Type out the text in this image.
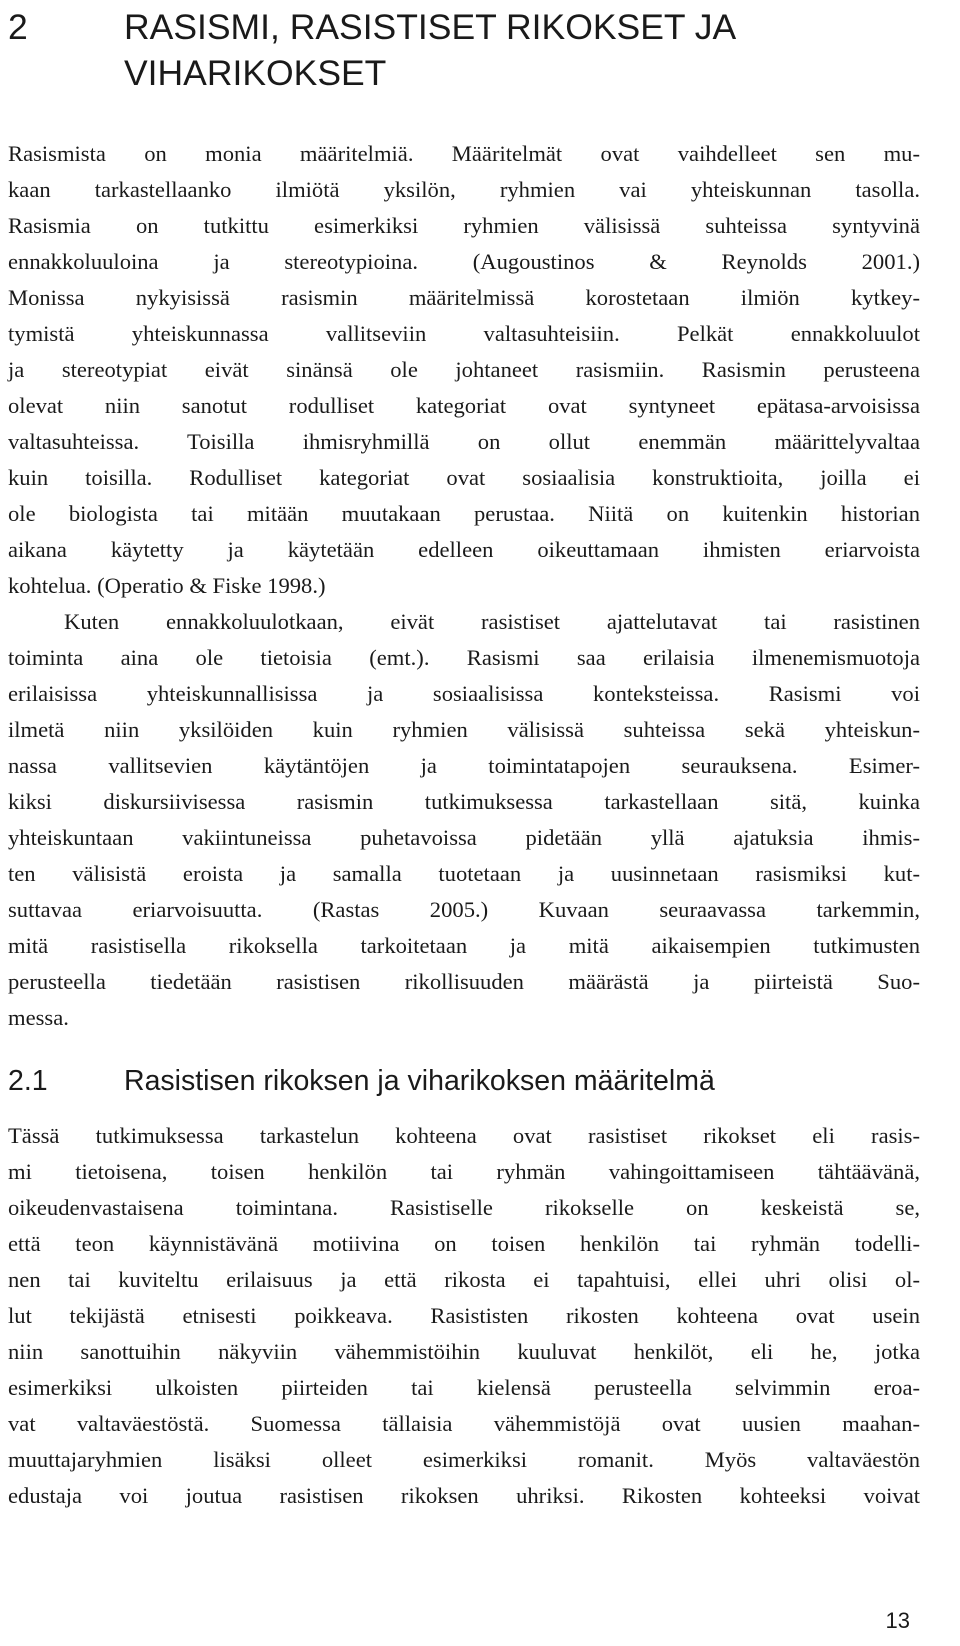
2	RASISMI, RASISTISET RIKOKSET JA VIHARIKOKSET
Rasismista on monia määritelmiä. Määritelmät ovat vaihdelleet sen mu-
kaan tarkastellaanko ilmiötä yksilön, ryhmien vai yhteiskunnan tasolla.
Rasismia on tutkittu esimerkiksi ryhmien välisissä suhteissa syntyvinä
ennakkoluuloina ja stereotypioina. (Augoustinos & Reynolds 2001.)
Monissa nykyisissä rasismin määritelmissä korostetaan ilmiön kytkey-
tymistä yhteiskunnassa vallitseviin valtasuhteisiin. Pelkät ennakkoluulot
ja stereotypiat eivät sinänsä ole johtaneet rasismiin. Rasismin perusteena
olevat niin sanotut rodulliset kategoriat ovat syntyneet epätasa-arvoisissa
valtasuhteissa. Toisilla ihmisryhmillä on ollut enemmän määrittelyvaltaa
kuin toisilla. Rodulliset kategoriat ovat sosiaalisia konstruktioita, joilla ei
ole biologista tai mitään muutakaan perustaa. Niitä on kuitenkin historian
aikana käytetty ja käytetään edelleen oikeuttamaan ihmisten eriarvoista
kohtelua. (Operatio & Fiske 1998.)
Kuten ennakkoluulotkaan, eivät rasistiset ajattelutavat tai rasistinen
toiminta aina ole tietoisia (emt.). Rasismi saa erilaisia ilmenemismuotoja
erilaisissa yhteiskunnallisissa ja sosiaalisissa konteksteissa. Rasismi voi
ilmetä niin yksilöiden kuin ryhmien välisissä suhteissa sekä yhteiskun-
nassa vallitsevien käytäntöjen ja toimintatapojen seurauksena. Esimer-
kiksi diskursiivisessa rasismin tutkimuksessa tarkastellaan sitä, kuinka
yhteiskuntaan vakiintuneissa puhetavoissa pidetään yllä ajatuksia ihmis-
ten välisistä eroista ja samalla tuotetaan ja uusinnetaan rasismiksi kut-
suttavaa eriarvoisuutta. (Rastas 2005.) Kuvaan seuraavassa tarkemmin,
mitä rasistisella rikoksella tarkoitetaan ja mitä aikaisempien tutkimusten
perusteella tiedetään rasistisen rikollisuuden määrästä ja piirteistä Suo-
messa.
2.1	Rasistisen rikoksen ja viharikoksen määritelmä
Tässä tutkimuksessa tarkastelun kohteena ovat rasistiset rikokset eli rasis-
mi tietoisena, toisen henkilön tai ryhmän vahingoittamiseen tähtäävänä,
oikeudenvastaisena toimintana. Rasistiselle rikokselle on keskeistä se,
että teon käynnistävänä motiivina on toisen henkilön tai ryhmän todelli-
nen tai kuviteltu erilaisuus ja että rikosta ei tapahtuisi, ellei uhri olisi ol-
lut tekijästä etnisesti poikkeava. Rasististen rikosten kohteena ovat usein
niin sanottuihin näkyviin vähemmistöihin kuuluvat henkilöt, eli he, jotka
esimerkiksi ulkoisten piirteiden tai kielensä perusteella selvimmin eroa-
vat valtaväestöstä. Suomessa tällaisia vähemmistöjä ovat uusien maahan-
muuttajaryhmien lisäksi olleet esimerkiksi romanit. Myös valtaväestön
edustaja voi joutua rasistisen rikoksen uhriksi. Rikosten kohteeksi voivat
13
